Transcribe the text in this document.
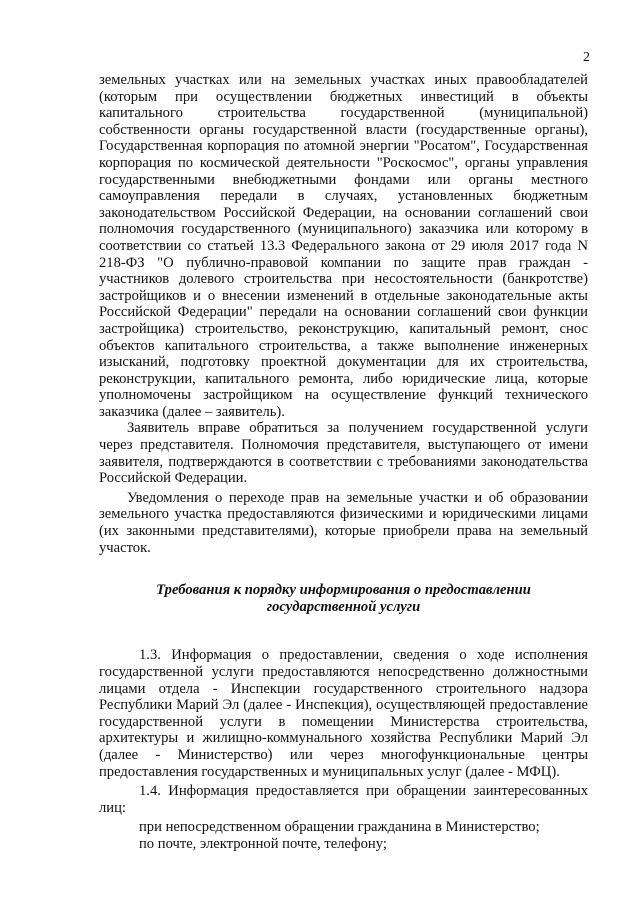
2

земельных участках или на земельных участках иных правообладателей (которым при осуществлении бюджетных инвестиций в объекты капитального строительства государственной (муниципальной) собственности органы государственной власти (государственные органы), Государственная корпорация по атомной энергии "Росатом", Государственная корпорация по космической деятельности "Роскосмос", органы управления государственными внебюджетными фондами или органы местного самоуправления передали в случаях, установленных бюджетным законодательством Российской Федерации, на основании соглашений свои полномочия государственного (муниципального) заказчика или которому в соответствии со статьей 13.3 Федерального закона от 29 июля 2017 года N 218-ФЗ "О публично-правовой компании по защите прав граждан - участников долевого строительства при несостоятельности (банкротстве) застройщиков и о внесении изменений в отдельные законодательные акты Российской Федерации" передали на основании соглашений свои функции застройщика) строительство, реконструкцию, капитальный ремонт, снос объектов капитального строительства, а также выполнение инженерных изысканий, подготовку проектной документации для их строительства, реконструкции, капитального ремонта, либо юридические лица, которые уполномочены застройщиком на осуществление функций технического заказчика (далее – заявитель).

Заявитель вправе обратиться за получением государственной услуги через представителя. Полномочия представителя, выступающего от имени заявителя, подтверждаются в соответствии с требованиями законодательства Российской Федерации.

Уведомления о переходе прав на земельные участки и об образовании земельного участка предоставляются физическими и юридическими лицами (их законными представителями), которые приобрели права на земельный участок.

Требования к порядку информирования о предоставлении
государственной услуги

1.3. Информация о предоставлении, сведения о ходе исполнения государственной услуги предоставляются непосредственно должностными лицами отдела - Инспекции государственного строительного надзора Республики Марий Эл (далее - Инспекция), осуществляющей предоставление государственной услуги в помещении Министерства строительства, архитектуры и жилищно-коммунального хозяйства Республики Марий Эл (далее - Министерство) или через многофункциональные центры предоставления государственных и муниципальных услуг (далее - МФЦ).

1.4. Информация предоставляется при обращении заинтересованных лиц:

при непосредственном обращении гражданина в Министерство;

по почте, электронной почте, телефону;
